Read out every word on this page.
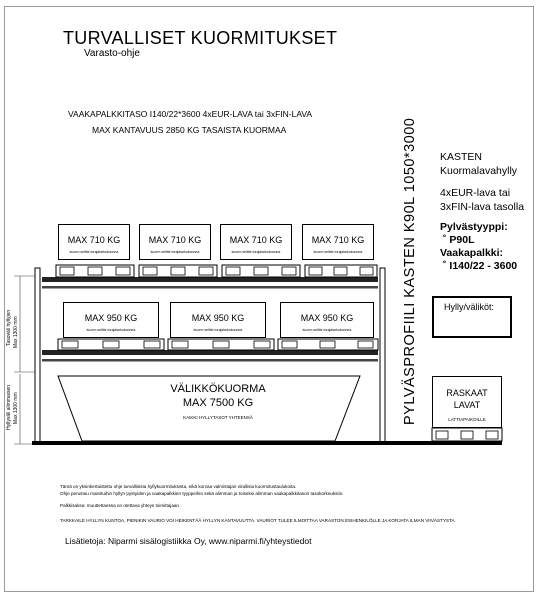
TURVALLISET KUORMITUKSET
Varasto-ohje
VAAKAPALKKITASO I140/22*3600 4xEUR-LAVA tai 3xFIN-LAVA
MAX KANTAVUUS 2850 KG TASAISTA KUORMAA
KASTEN
Kuormalavahylly
4xEUR-lava tai
3xFIN-lava tasolla
Pylvästyyppi:
˚ P90L
Vaakapalkki:
˚ I140/22 - 3600
Hylly/väliköt:
PYLVÄSPROFIILI KASTEN K90L 1050*3000
MAX 710 KG
kuorm selitte torajalarkokoonna
MAX 710 KG
kuorm selitte torajalarkokoonna
MAX 710 KG
kuorm selitte torajalarkokoonna
MAX 710 KG
kuorm selitte torajalarkokoonna
MAX 950 KG
kuorm selitte torajalarkokoonna
MAX 950 KG
kuorm selitte torajalarkokoonna
MAX 950 KG
kuorm selitte torajalarkokoonna
VÄLIKKÖKUORMA
MAX 7500 KG
KAIKKI HYLLYTASOT YHTEENSÄ
RASKAAT
LAVAT
LATTIAPAIKOILLE
Tasoväli hyllyjen Max 1300 mm
Hyllyväli alimmaisen Max 1300 mm
Tämä on yksinkertaistettu ohje turvallisista hyllykuormituksista, eikä korvaa valmistajan virallisia kuormitustaulukoita.
Ohje perustuu mainituihin hyllyn pystyiden ja vaakapalkkien tyyppeihin sekä alimman ja toiseksi alimman vaakapalkkitason tasokorkeuksiin.
Palkkisaksa: muuttettaessa on otettava yhteys toimittajaan.
TARKKAILE HYLLYN KUNTOA, PIENIKIN VAURIO VOI HEIKENTÄÄ HYLLYN KANTAVUUTTA. VAURIOT TULEE ILMOITTAA VARASTON ESIHENKILÖLLE JA KORJATA ILMAN VIIVÄSTYSTA.
Lisätietoja: Niparmi sisälogistiikka Oy, www.niparmi.fi/yhteystiedot
